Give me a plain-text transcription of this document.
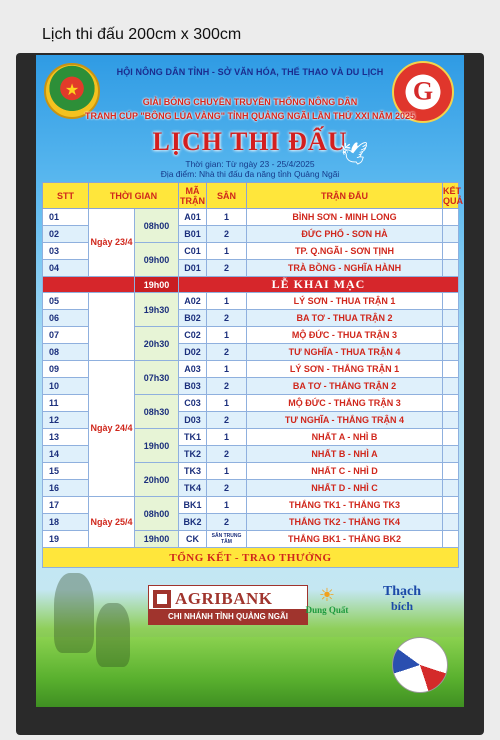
Lịch thi đấu 200cm x 300cm
★	G
HỘI NÔNG DÂN TỈNH - SỞ VĂN HÓA, THỂ THAO VÀ DU LỊCH
GIẢI BÓNG CHUYỀN TRUYỀN THỐNG NÔNG DÂN
TRANH CÚP "BÔNG LÚA VÀNG" TỈNH QUẢNG NGÃI LẦN THỨ XXI NĂM 2025
LỊCH THI ĐẤU
🕊
Thời gian: Từ ngày 23 - 25/4/2025
Địa điểm: Nhà thi đấu đa năng tỉnh Quảng Ngãi
STT	THỜI GIAN		MÃ TRẬN	SÂN	TRẬN ĐẤU	KẾT QUẢ
01	Ngày 23/4	08h00	A01	1	BÌNH SƠN - MINH LONG	
02			B01	2	ĐỨC PHỔ - SƠN HÀ	
03		09h00	C01	1	TP. Q.NGÃI - SƠN TỊNH	
04			D01	2	TRÀ BỒNG - NGHĨA HÀNH	
		19h00	LỄ KHAI MẠC			
05		19h30	A02	1	LÝ SƠN - THUA TRẬN 1	
06			B02	2	BA TƠ - THUA TRẬN 2	
07		20h30	C02	1	MỘ ĐỨC - THUA TRẬN 3	
08			D02	2	TƯ NGHĨA - THUA TRẬN 4	
09	Ngày 24/4	07h30	A03	1	LÝ SƠN - THẮNG TRẬN 1	
10			B03	2	BA TƠ - THẮNG TRẬN 2	
11		08h30	C03	1	MỘ ĐỨC - THẮNG TRẬN 3	
12			D03	2	TƯ NGHĨA - THẮNG TRẬN 4	
13		19h00	TK1	1	NHẤT A - NHÌ B	
14			TK2	2	NHẤT B - NHÌ A	
15		20h00	TK3	1	NHẤT C - NHÌ D	
16			TK4	2	NHẤT D - NHÌ C	
17	Ngày 25/4	08h00	BK1	1	THẮNG TK1 - THẮNG TK3	
18			BK2	2	THẮNG TK2 - THẮNG TK4	
19		19h00	CK	SÂN TRUNG TÂM	THẮNG BK1 - THẮNG BK2	
TỔNG KẾT - TRAO THƯỞNG						
AGRIBANK
CHI NHÁNH TỈNH QUẢNG NGÃI
☀
Dung Quất
Thạch
bích
